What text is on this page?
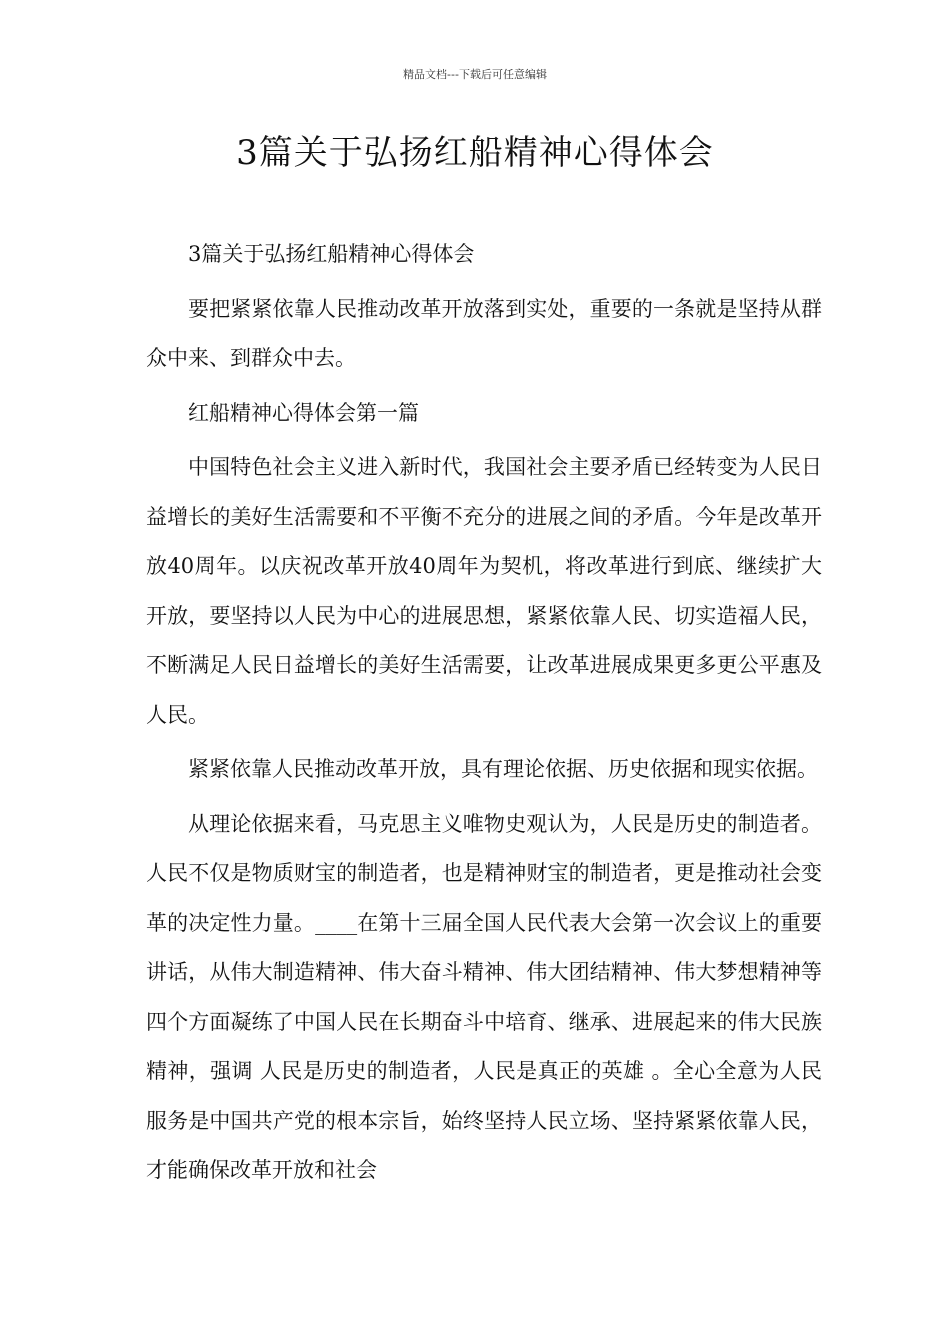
精品文档---下载后可任意编辑
3篇关于弘扬红船精神心得体会

3篇关于弘扬红船精神心得体会

要把紧紧依靠人民推动改革开放落到实处，重要的一条就是坚持从群众中来、到群众中去。

红船精神心得体会第一篇

中国特色社会主义进入新时代，我国社会主要矛盾已经转变为人民日益增长的美好生活需要和不平衡不充分的进展之间的矛盾。今年是改革开放40周年。以庆祝改革开放40周年为契机，将改革进行到底、继续扩大开放，要坚持以人民为中心的进展思想，紧紧依靠人民、切实造福人民，不断满足人民日益增长的美好生活需要，让改革进展成果更多更公平惠及人民。

紧紧依靠人民推动改革开放，具有理论依据、历史依据和现实依据。

从理论依据来看，马克思主义唯物史观认为，人民是历史的制造者。人民不仅是物质财宝的制造者，也是精神财宝的制造者，更是推动社会变革的决定性力量。____在第十三届全国人民代表大会第一次会议上的重要讲话，从伟大制造精神、伟大奋斗精神、伟大团结精神、伟大梦想精神等四个方面凝练了中国人民在长期奋斗中培育、继承、进展起来的伟大民族精神，强调 人民是历史的制造者，人民是真正的英雄 。全心全意为人民服务是中国共产党的根本宗旨，始终坚持人民立场、坚持紧紧依靠人民，才能确保改革开放和社会
